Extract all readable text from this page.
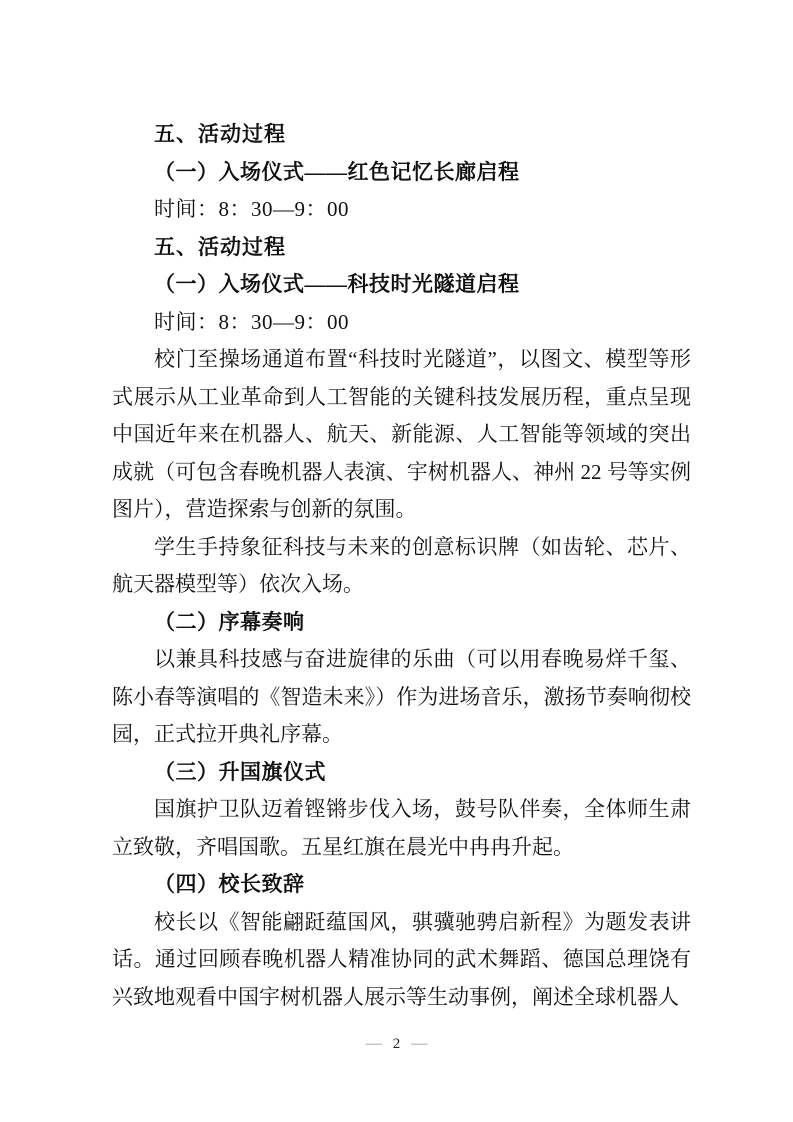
五、活动过程

（一）入场仪式——红色记忆长廊启程

时间：8：30—9：00

五、活动过程

（一）入场仪式——科技时光隧道启程

时间：8：30—9：00

校门至操场通道布置“科技时光隧道”，以图文、模型等形式展示从工业革命到人工智能的关键科技发展历程，重点呈现中国近年来在机器人、航天、新能源、人工智能等领域的突出成就（可包含春晚机器人表演、宇树机器人、神州 22 号等实例图片），营造探索与创新的氛围。

学生手持象征科技与未来的创意标识牌（如齿轮、芯片、航天器模型等）依次入场。

（二）序幕奏响

以兼具科技感与奋进旋律的乐曲（可以用春晚易烊千玺、陈小春等演唱的《智造未来》）作为进场音乐，激扬节奏响彻校园，正式拉开典礼序幕。

（三）升国旗仪式

国旗护卫队迈着铿锵步伐入场，鼓号队伴奏，全体师生肃立致敬，齐唱国歌。五星红旗在晨光中冉冉升起。

（四）校长致辞

校长以《智能翩跹蕴国风，骐骥驰骋启新程》为题发表讲话。通过回顾春晚机器人精准协同的武术舞蹈、德国总理饶有兴致地观看中国宇树机器人展示等生动事例，阐述全球机器人

— 2 —
